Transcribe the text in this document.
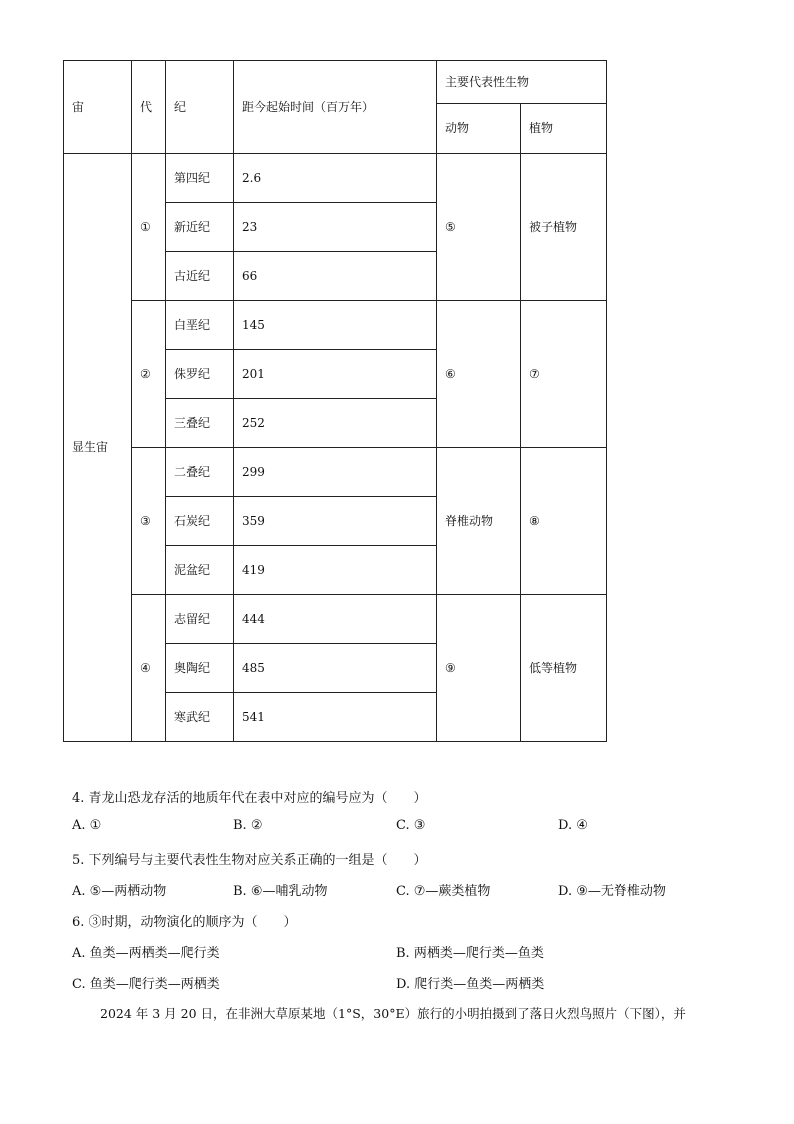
宙	代	纪	距今起始时间（百万年）	主要代表性生物	
				动物	植物
显生宙	①	第四纪	2.6	⑤	被子植物
		新近纪	23		
		古近纪	66		
	②	白垩纪	145	⑥	⑦
		侏罗纪	201		
		三叠纪	252		
	③	二叠纪	299	脊椎动物	⑧
		石炭纪	359		
		泥盆纪	419		
	④	志留纪	444	⑨	低等植物
		奥陶纪	485		
		寒武纪	541		
4. 青龙山恐龙存活的地质年代在表中对应的编号应为（　　）
A. ①	B. ②	C. ③	D. ④
5. 下列编号与主要代表性生物对应关系正确的一组是（　　）
A. ⑤—两栖动物	B. ⑥—哺乳动物	C. ⑦—蕨类植物	D. ⑨—无脊椎动物
6. ③时期，动物演化的顺序为（　　）
A. 鱼类—两栖类—爬行类	B. 两栖类—爬行类—鱼类
C. 鱼类—爬行类—两栖类	D. 爬行类—鱼类—两栖类
2024 年 3 月 20 日，在非洲大草原某地（1°S，30°E）旅行的小明拍摄到了落日火烈鸟照片（下图），并
